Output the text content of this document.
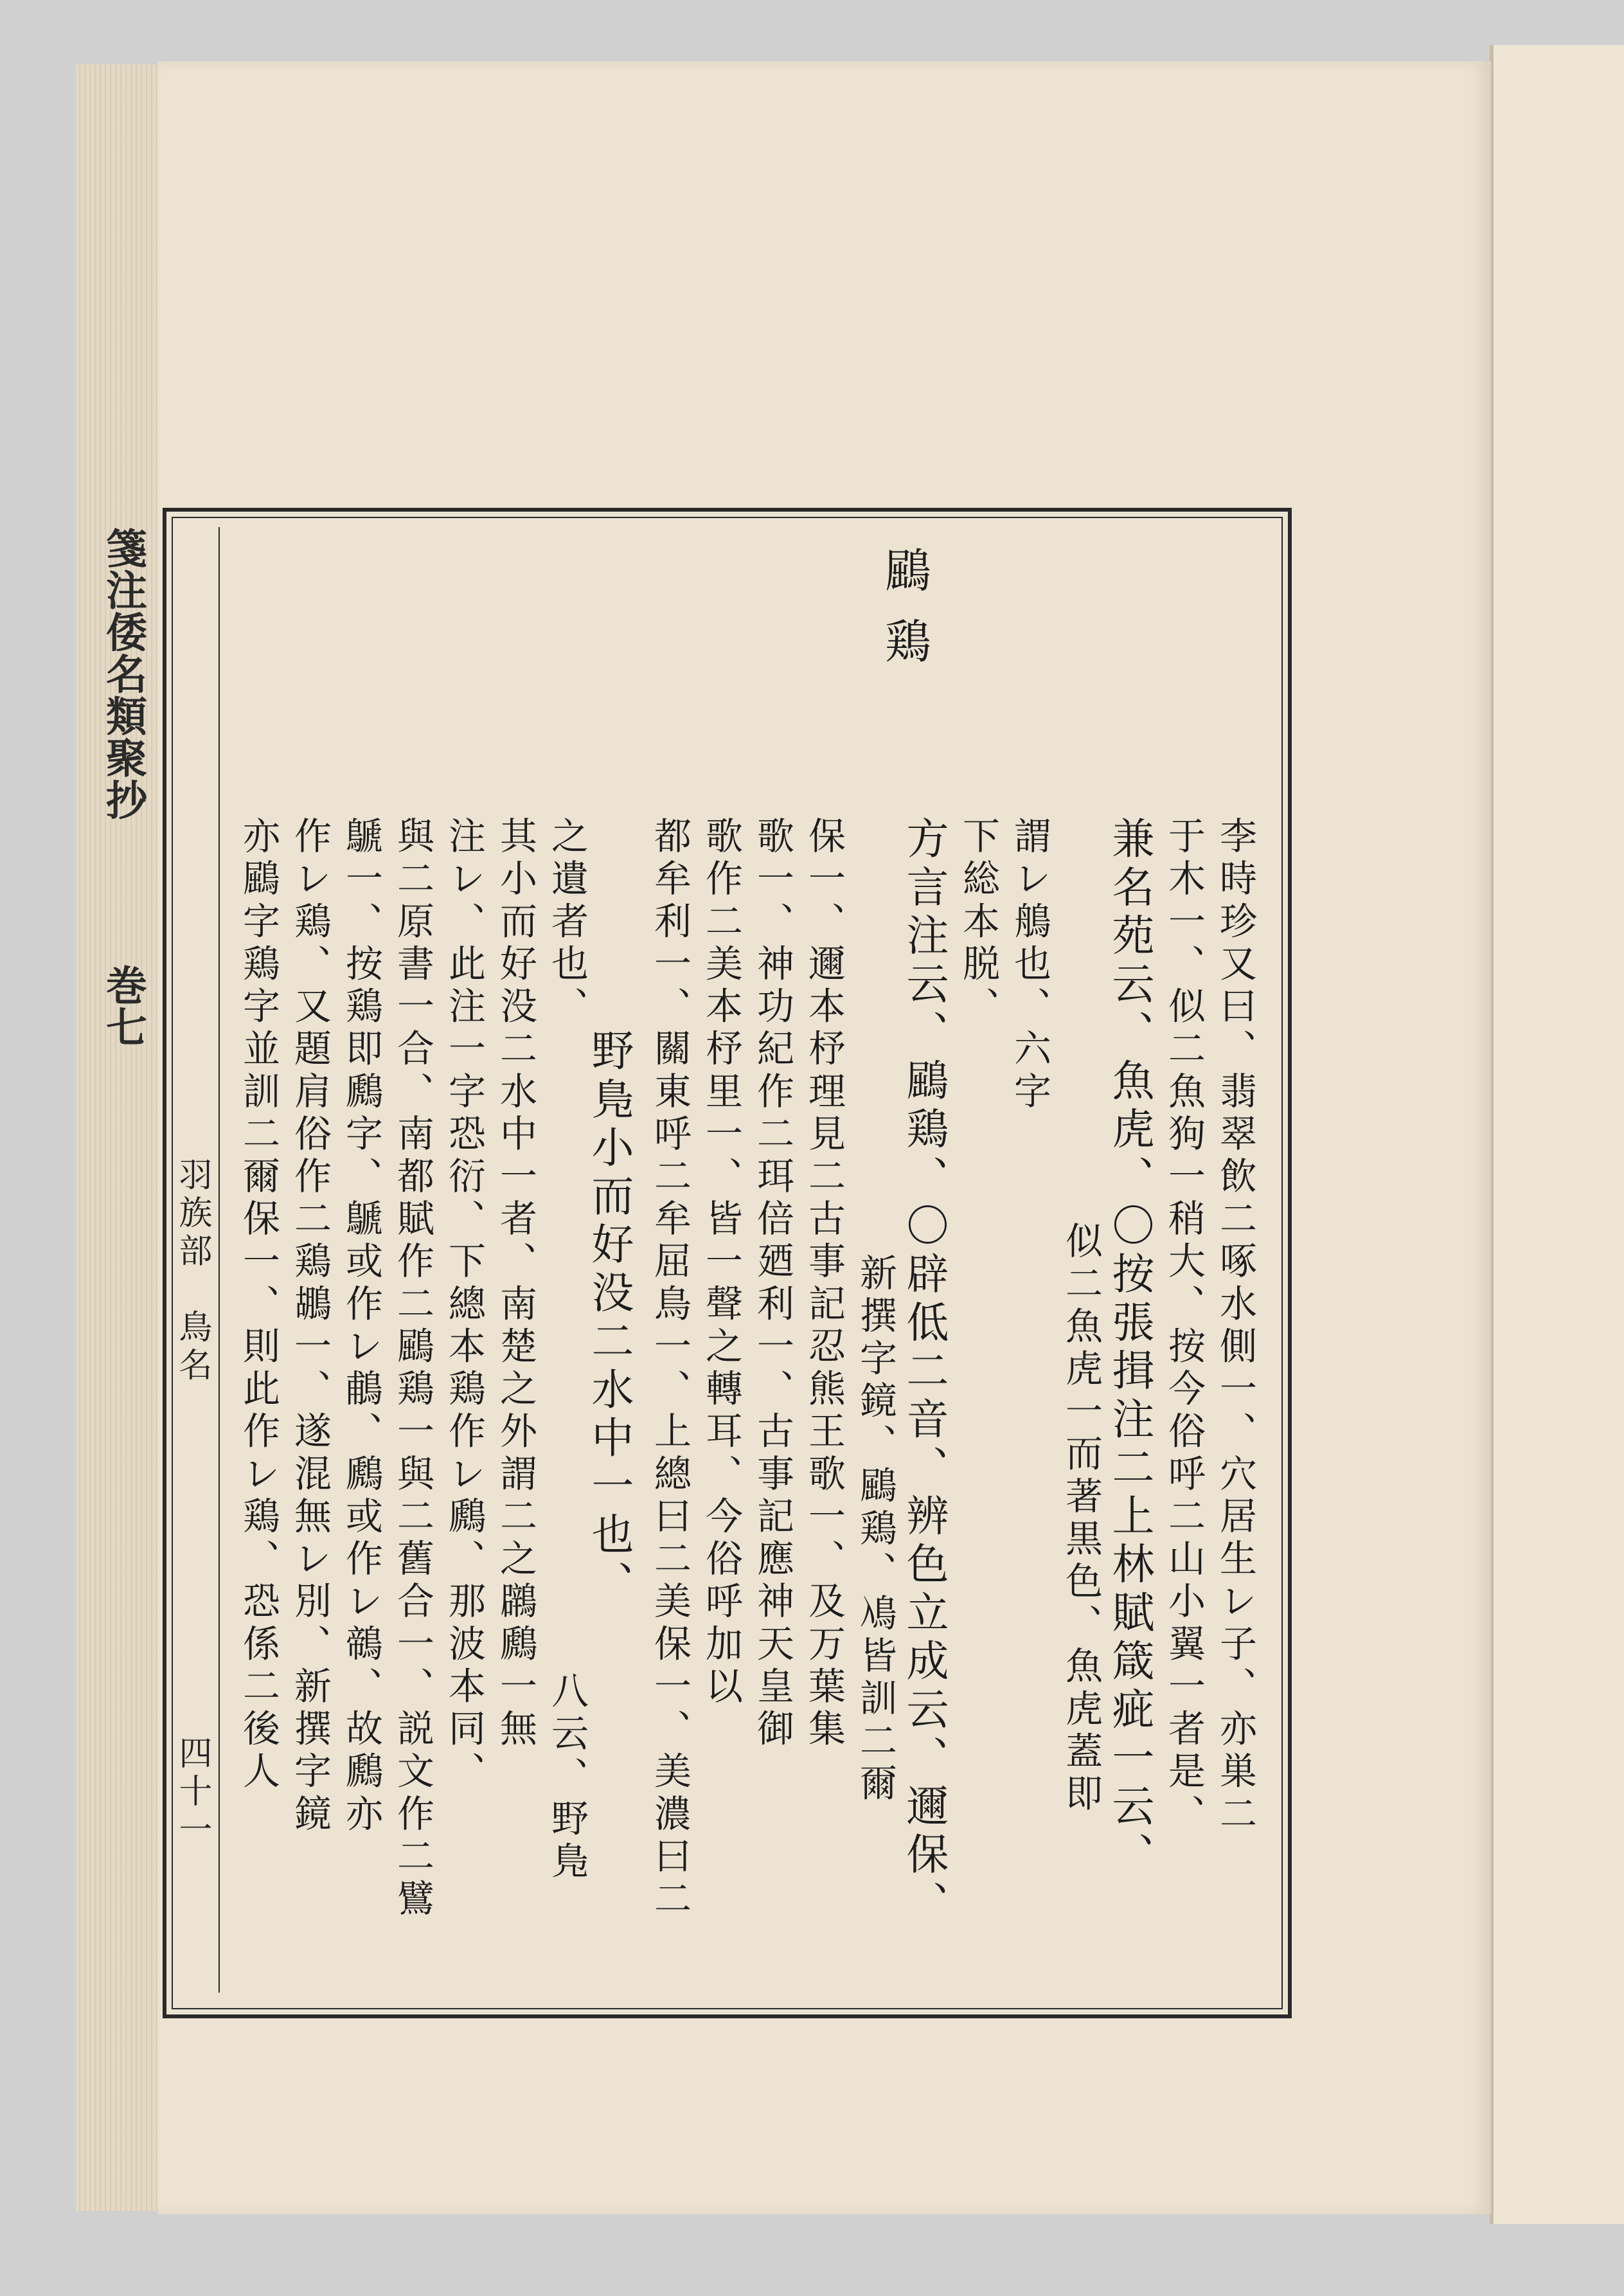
箋注倭名類聚抄
巻七
羽族部　鳥名
四十一
鶌
鶏
李時珍又曰、翡翠飲二啄水側一、穴居生レ子、亦巣二
于木一、似二魚狗一稍大、按今俗呼二山小翼一者是、
兼名苑云、魚虎、〇按張揖注二上林賦箴疵一云、
似二魚虎一而著黒色、魚虎蓋即
謂レ鵃也、六字
下総本脱、
方言注云、鶌鶏、〇辟低二音、辨色立成云、邇保、
新撰字鏡、鶌鶏、鳰皆訓二爾
保一、邇本杼理見二古事記忍熊王歌一、及万葉集
歌一、神功紀作二珥倍廼利一、古事記應神天皇御
歌作二美本杼里一、皆一聲之轉耳、今俗呼加以
都牟利一、關東呼二牟屈鳥一、上總曰二美保一、美濃曰二
之遺者也、
野鳬小而好没二水中一也、
八云、野鳬
其小而好没二水中一者、南楚之外謂二之鸊鷉一無
注レ、此注一字恐衍、下總本鶏作レ鷉、那波本同、
與二原書一合、南都賦作二鶌鶏一與二舊合一、説文作二鷿
鷈一、按鶏即鷉字、鷈或作レ鵏、鷉或作レ鶙、故鷉亦
作レ鶏、又題肩俗作二鶏鶘一、遂混無レ別、新撰字鏡
亦鶌字鶏字並訓二爾保一、則此作レ鶏、恐係二後人
